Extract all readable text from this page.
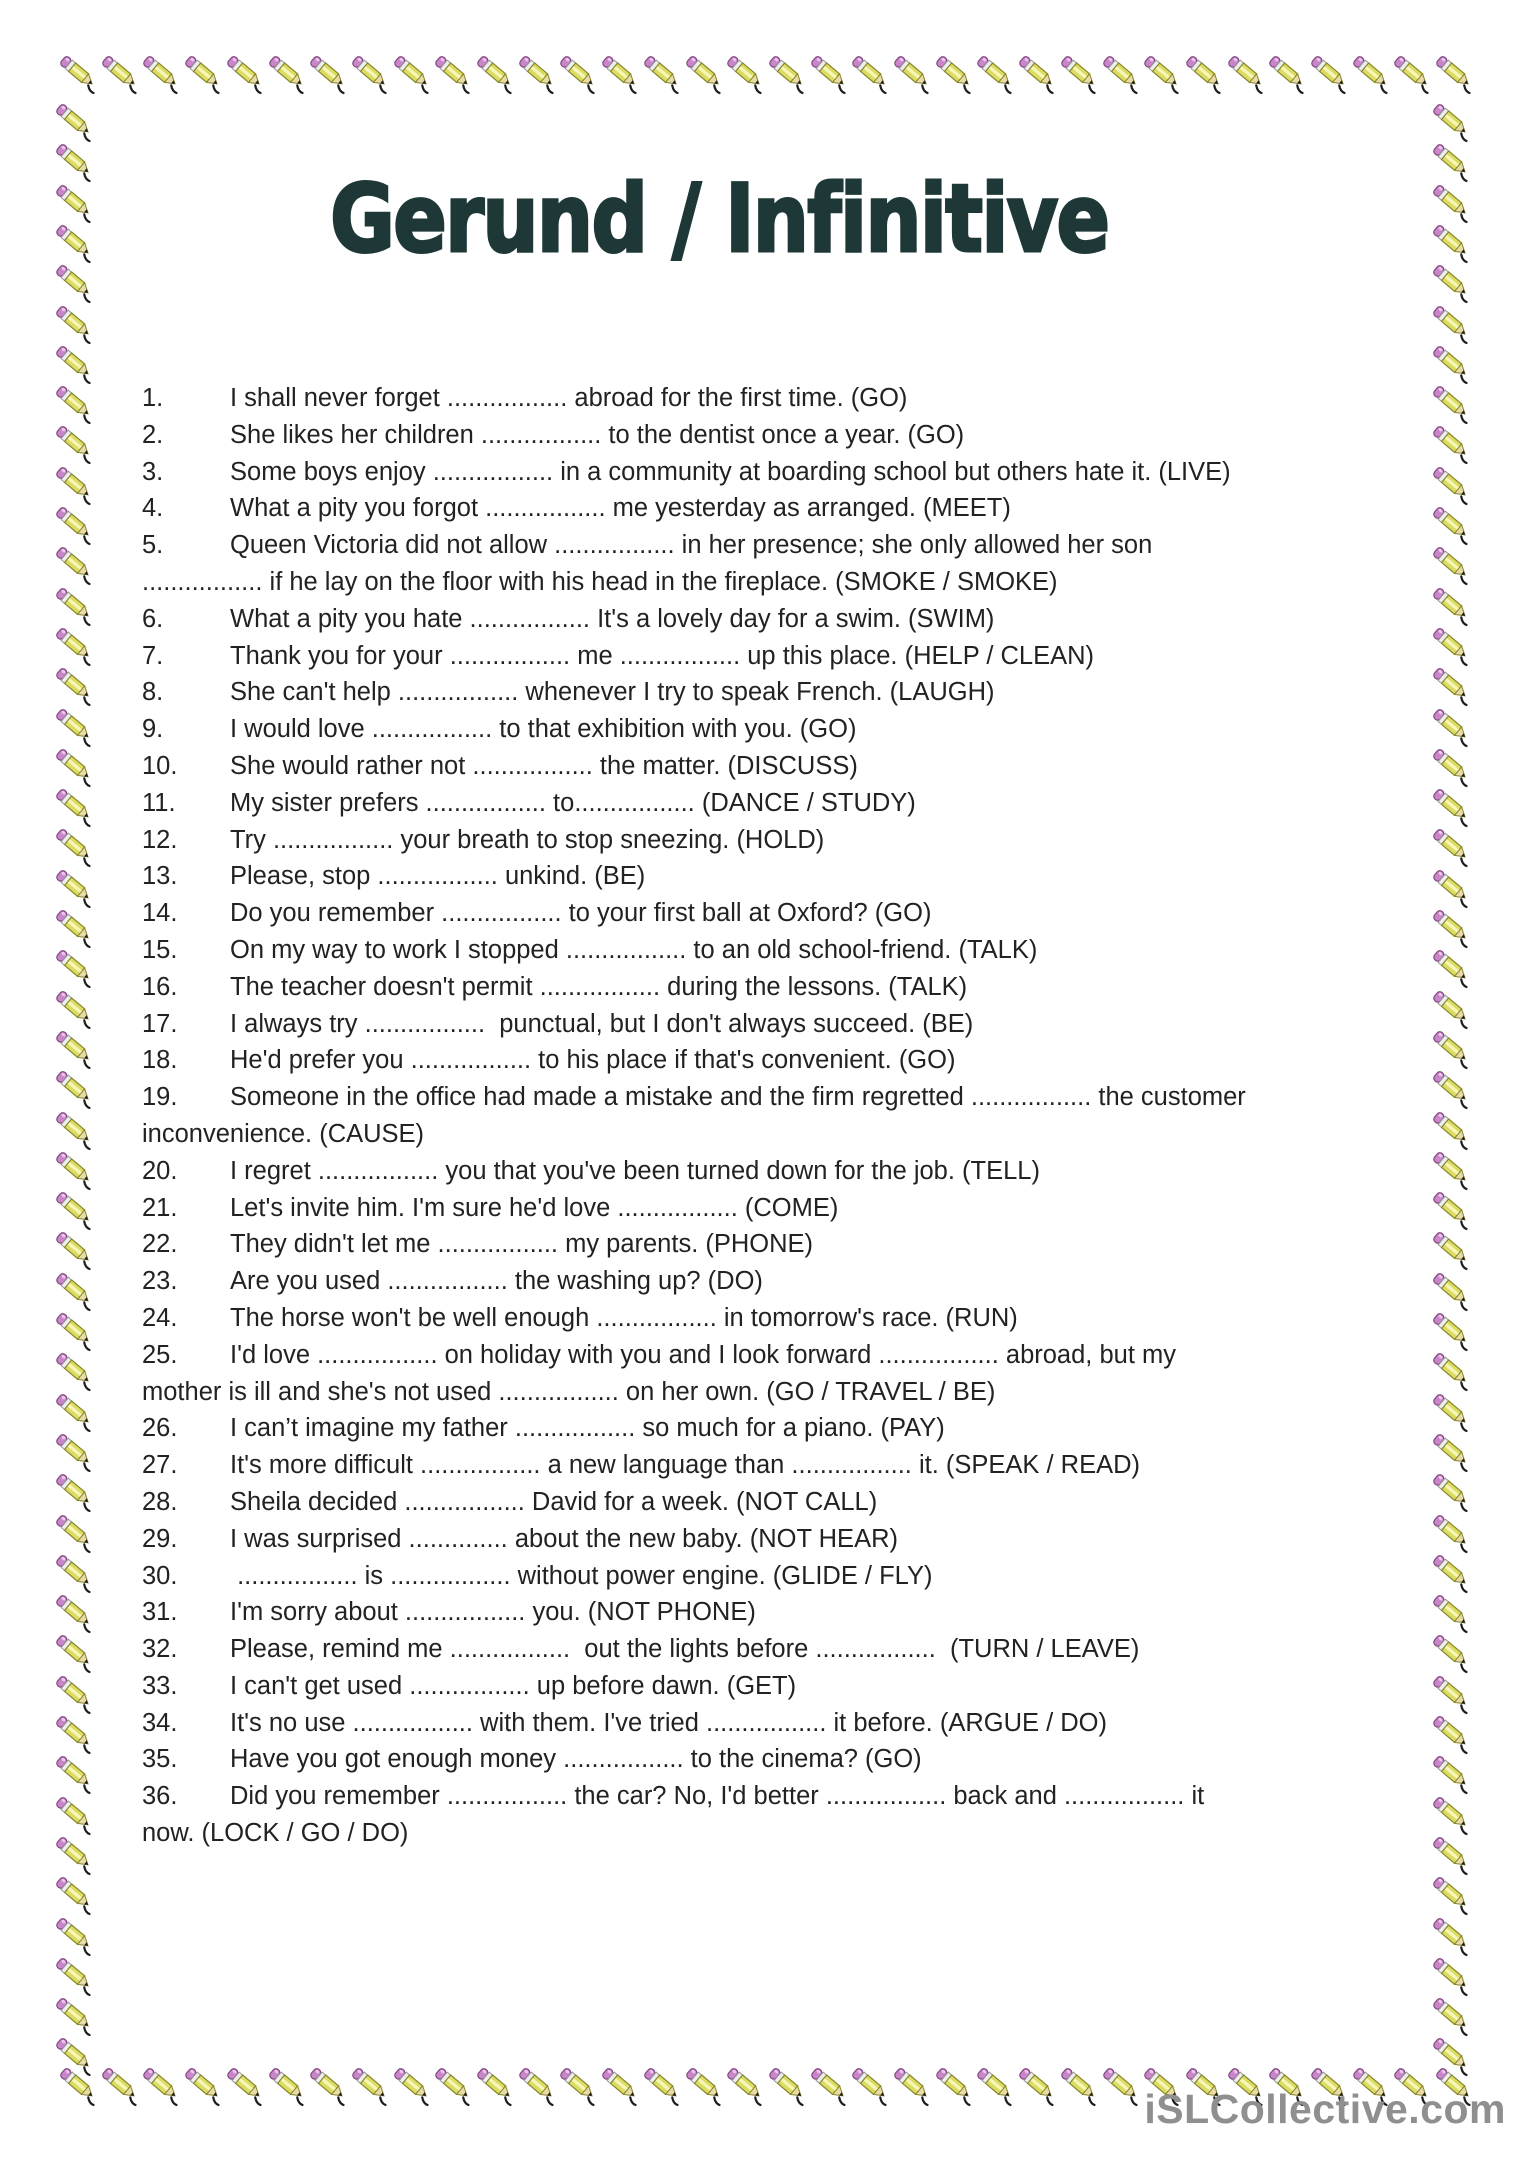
Gerund / Infinitive
1.	I shall never forget ................. abroad for the first time. (GO)
2.	She likes her children ................. to the dentist once a year. (GO)
3.	Some boys enjoy ................. in a community at boarding school but others hate it. (LIVE)
4.	What a pity you forgot ................. me yesterday as arranged. (MEET)
5.	Queen Victoria did not allow ................. in her presence; she only allowed her son
................. if he lay on the floor with his head in the fireplace. (SMOKE / SMOKE)
6.	What a pity you hate ................. It's a lovely day for a swim. (SWIM)
7.	Thank you for your ................. me ................. up this place. (HELP / CLEAN)
8.	She can't help ................. whenever I try to speak French. (LAUGH)
9.	I would love ................. to that exhibition with you. (GO)
10.	She would rather not ................. the matter. (DISCUSS)
11.	My sister prefers ................. to................. (DANCE / STUDY)
12.	Try ................. your breath to stop sneezing. (HOLD)
13.	Please, stop ................. unkind. (BE)
14.	Do you remember ................. to your first ball at Oxford? (GO)
15.	On my way to work I stopped ................. to an old school-friend. (TALK)
16.	The teacher doesn't permit ................. during the lessons. (TALK)
17.	I always try .................  punctual, but I don't always succeed. (BE)
18.	He'd prefer you ................. to his place if that's convenient. (GO)
19.	Someone in the office had made a mistake and the firm regretted ................. the customer
inconvenience. (CAUSE)
20.	I regret ................. you that you've been turned down for the job. (TELL)
21.	Let's invite him. I'm sure he'd love ................. (COME)
22.	They didn't let me ................. my parents. (PHONE)
23.	Are you used ................. the washing up? (DO)
24.	The horse won't be well enough ................. in tomorrow's race. (RUN)
25.	I'd love ................. on holiday with you and I look forward ................. abroad, but my
mother is ill and she's not used ................. on her own. (GO / TRAVEL / BE)
26.	I can’t imagine my father ................. so much for a piano. (PAY)
27.	It's more difficult ................. a new language than ................. it. (SPEAK / READ)
28.	Sheila decided ................. David for a week. (NOT CALL)
29.	I was surprised .............. about the new baby. (NOT HEAR)
30.	................. is ................. without power engine. (GLIDE / FLY)
31.	I'm sorry about ................. you. (NOT PHONE)
32.	Please, remind me .................  out the lights before .................  (TURN / LEAVE)
33.	I can't get used ................. up before dawn. (GET)
34.	It's no use ................. with them. I've tried ................. it before. (ARGUE / DO)
35.	Have you got enough money ................. to the cinema? (GO)
36.	Did you remember ................. the car? No, I'd better ................. back and ................. it
now. (LOCK / GO / DO)
iSLCollective.com
